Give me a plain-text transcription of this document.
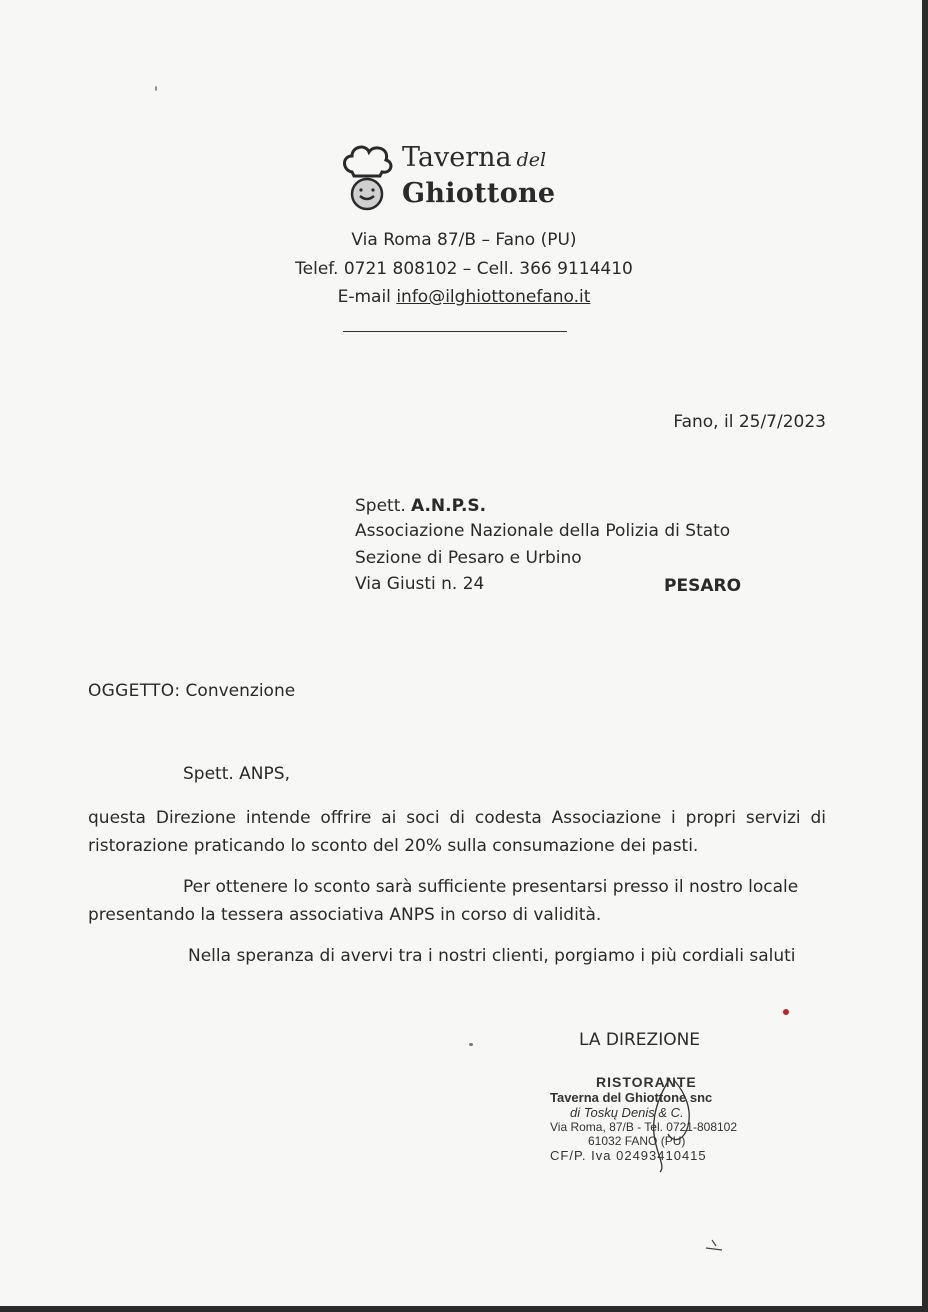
Taverna del
Ghiottone
Via Roma 87/B – Fano (PU)
Telef. 0721 808102 – Cell. 366 9114410
E-mail info@ilghiottonefano.it
Fano, il 25/7/2023
Spett. A.N.P.S.
Associazione Nazionale della Polizia di Stato
Sezione di Pesaro e Urbino
Via Giusti n. 24	PESARO
OGGETTO: Convenzione
Spett. ANPS,
questa Direzione intende offrire ai soci di codesta Associazione i propri servizi di
ristorazione praticando lo sconto del 20% sulla consumazione dei pasti.
Per ottenere lo sconto sarà sufficiente presentarsi presso il nostro locale
presentando la tessera associativa ANPS in corso di validità.
Nella speranza di avervi tra i nostri clienti, porgiamo i più cordiali saluti
LA DIREZIONE
RISTORANTE
Taverna del Ghiottone snc
di Toskų Denis & C.
Via Roma, 87/B - Tel. 0721-808102
61032 FANO (PU)
CF/P. Iva 02493410415
